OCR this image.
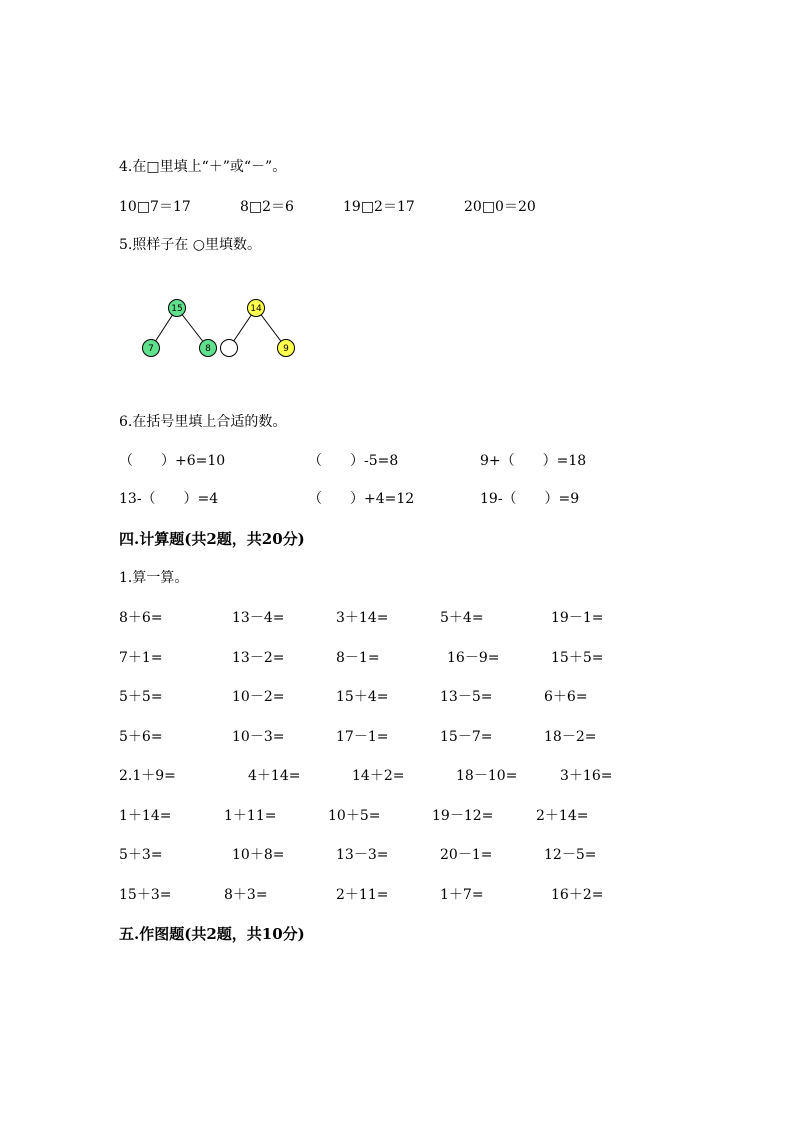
4.在□里填上“＋”或“－”。
10□7＝17	8□2＝6	19□2＝17	20□0＝20
5.照样子在 ○里填数。
15
7	8
14
9
6.在括号里填上合适的数。
（　　）+6=10	（　　）-5=8	9+（　　）=18
13-（　　）=4	（　　）+4=12	19-（　　）=9
四.计算题(共2题，共20分)
1.算一算。
8＋6=	13－4=	3＋14=	5＋4=	19－1=
7＋1=	13－2=	8－1=	16－9=	15＋5=
5＋5=	10－2=	15＋4=	13－5=	6＋6=
5＋6=	10－3=	17－1=	15－7=	18－2=
2.1＋9=	4＋14=	14＋2=	18－10=	3＋16=
1＋14=	1＋11=	10＋5=	19－12=	2＋14=
5＋3=	10＋8=	13－3=	20－1=	12－5=
15＋3=	8＋3=	2＋11=	1＋7=	16＋2=
五.作图题(共2题，共10分)
